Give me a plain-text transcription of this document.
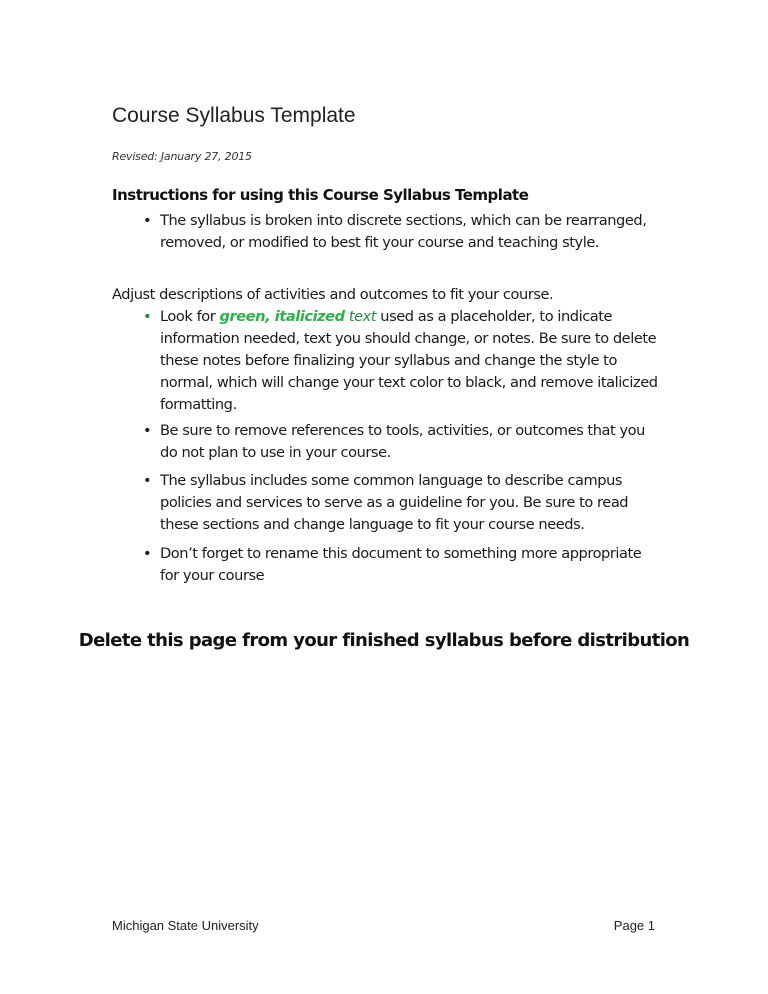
Course Syllabus Template
Revised: January 27, 2015
Instructions for using this Course Syllabus Template
• The syllabus is broken into discrete sections, which can be rearranged, removed, or modified to best fit your course and teaching style.
Adjust descriptions of activities and outcomes to fit your course.
• Look for green, italicized text used as a placeholder, to indicate information needed, text you should change, or notes. Be sure to delete these notes before finalizing your syllabus and change the style to normal, which will change your text color to black, and remove italicized formatting.
• Be sure to remove references to tools, activities, or outcomes that you do not plan to use in your course.
• The syllabus includes some common language to describe campus policies and services to serve as a guideline for you. Be sure to read these sections and change language to fit your course needs.
• Don’t forget to rename this document to something more appropriate for your course
Delete this page from your finished syllabus before distribution
Michigan State University	Page 1
